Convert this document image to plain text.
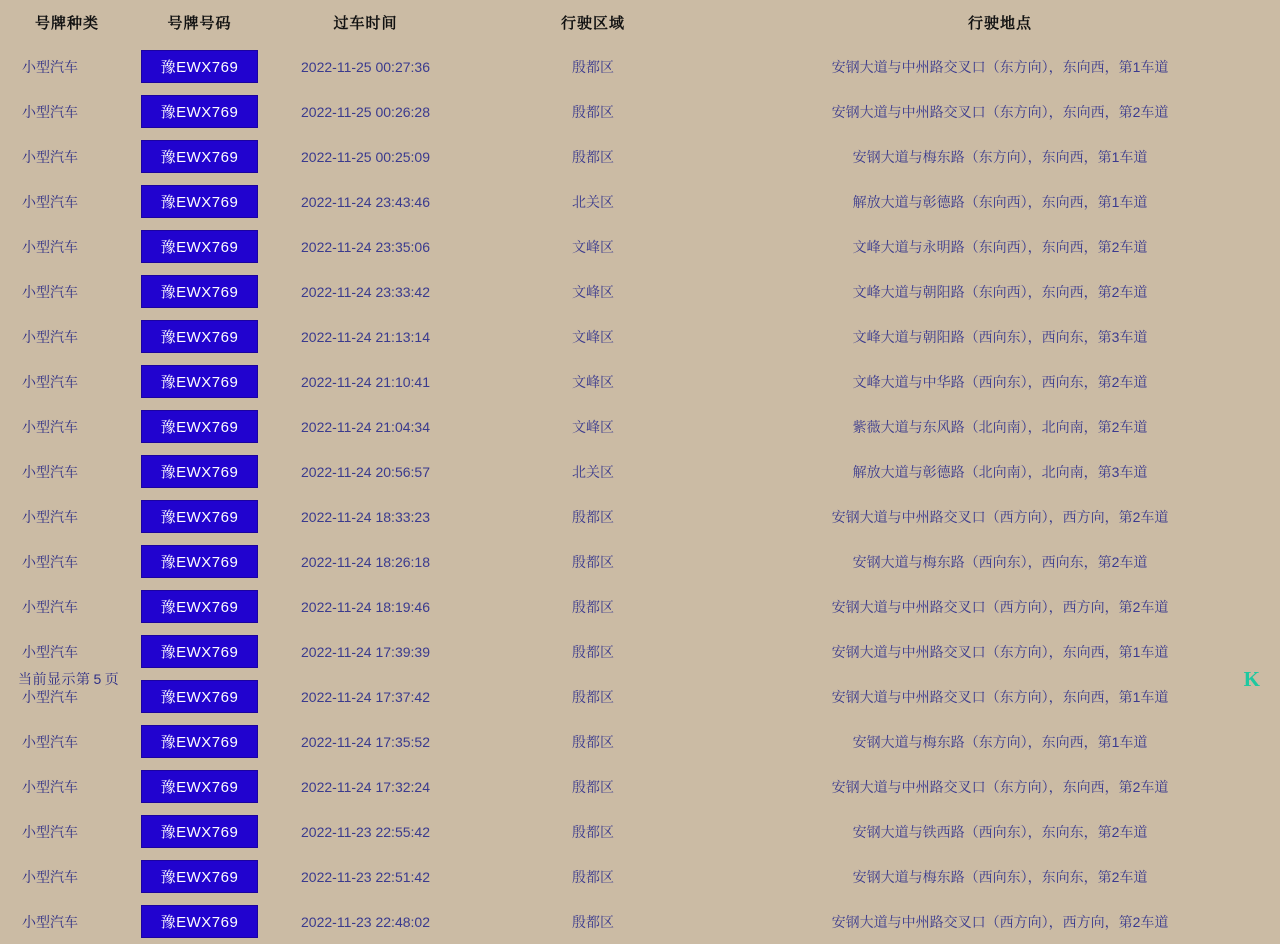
号牌种类	号牌号码	过车时间	行驶区域	行驶地点
小型汽车	豫EWX769	2022-11-25 00:27:36	殷都区	安钢大道与中州路交叉口（东方向），东向西，第1车道
小型汽车	豫EWX769	2022-11-25 00:26:28	殷都区	安钢大道与中州路交叉口（东方向），东向西，第2车道
小型汽车	豫EWX769	2022-11-25 00:25:09	殷都区	安钢大道与梅东路（东方向），东向西，第1车道
小型汽车	豫EWX769	2022-11-24 23:43:46	北关区	解放大道与彰德路（东向西），东向西，第1车道
小型汽车	豫EWX769	2022-11-24 23:35:06	文峰区	文峰大道与永明路（东向西），东向西，第2车道
小型汽车	豫EWX769	2022-11-24 23:33:42	文峰区	文峰大道与朝阳路（东向西），东向西，第2车道
小型汽车	豫EWX769	2022-11-24 21:13:14	文峰区	文峰大道与朝阳路（西向东），西向东，第3车道
小型汽车	豫EWX769	2022-11-24 21:10:41	文峰区	文峰大道与中华路（西向东），西向东，第2车道
小型汽车	豫EWX769	2022-11-24 21:04:34	文峰区	紫薇大道与东风路（北向南），北向南，第2车道
小型汽车	豫EWX769	2022-11-24 20:56:57	北关区	解放大道与彰德路（北向南），北向南，第3车道
小型汽车	豫EWX769	2022-11-24 18:33:23	殷都区	安钢大道与中州路交叉口（西方向），西方向，第2车道
小型汽车	豫EWX769	2022-11-24 18:26:18	殷都区	安钢大道与梅东路（西向东），西向东，第2车道
小型汽车	豫EWX769	2022-11-24 18:19:46	殷都区	安钢大道与中州路交叉口（西方向），西方向，第2车道
小型汽车	豫EWX769	2022-11-24 17:39:39	殷都区	安钢大道与中州路交叉口（东方向），东向西，第1车道
小型汽车	豫EWX769	2022-11-24 17:37:42	殷都区	安钢大道与中州路交叉口（东方向），东向西，第1车道
小型汽车	豫EWX769	2022-11-24 17:35:52	殷都区	安钢大道与梅东路（东方向），东向西，第1车道
小型汽车	豫EWX769	2022-11-24 17:32:24	殷都区	安钢大道与中州路交叉口（东方向），东向西，第2车道
小型汽车	豫EWX769	2022-11-23 22:55:42	殷都区	安钢大道与铁西路（西向东），东向东，第2车道
小型汽车	豫EWX769	2022-11-23 22:51:42	殷都区	安钢大道与梅东路（西向东），东向东，第2车道
小型汽车	豫EWX769	2022-11-23 22:48:02	殷都区	安钢大道与中州路交叉口（西方向），西方向，第2车道
当前显示第 5 页	K
